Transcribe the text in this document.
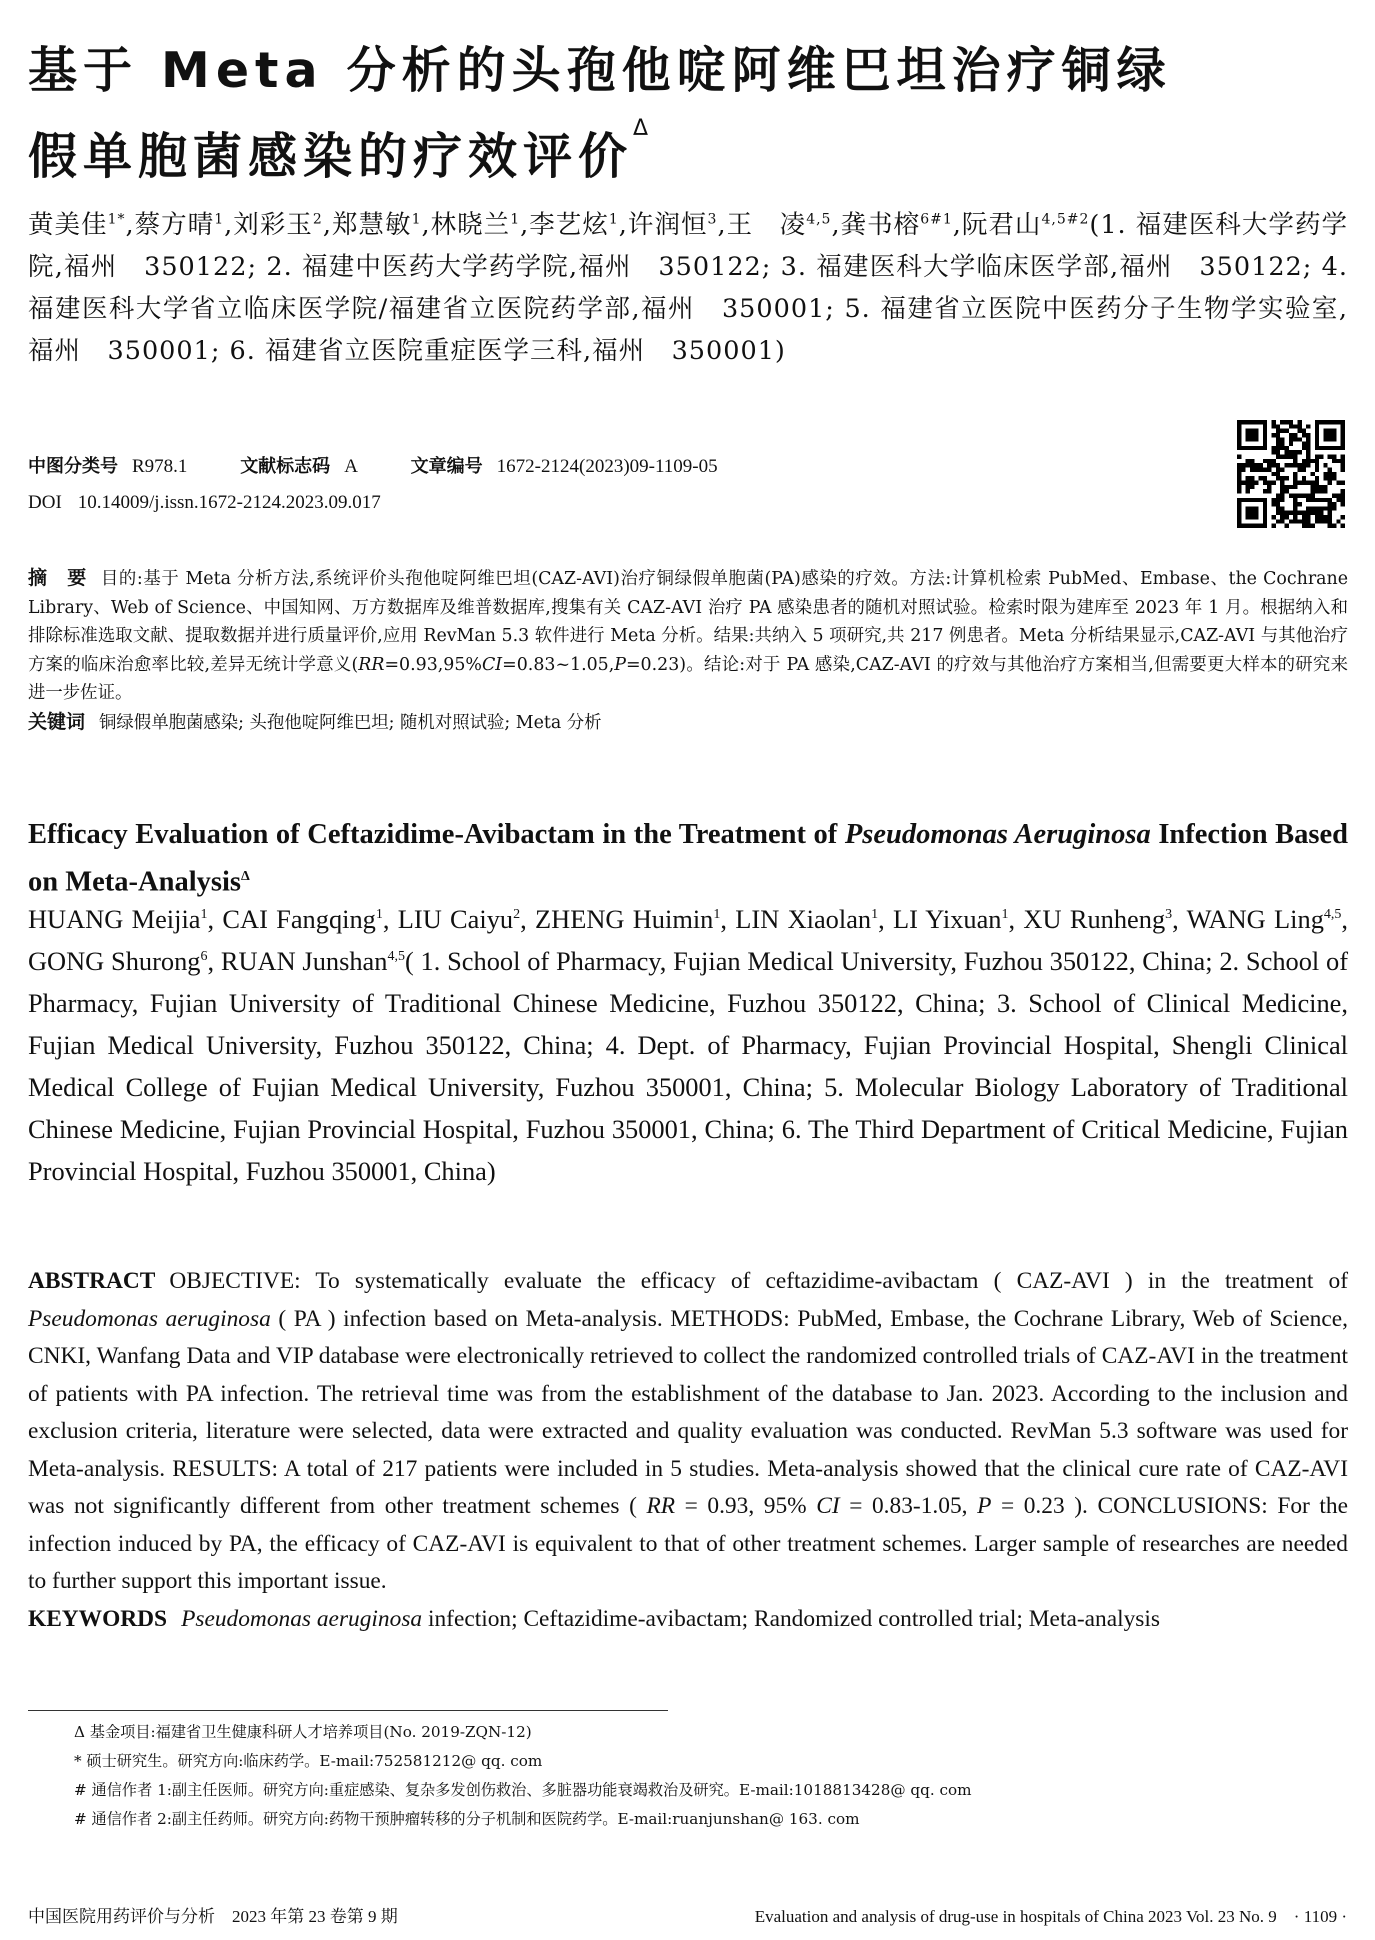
基于 Meta 分析的头孢他啶阿维巴坦治疗铜绿
假单胞菌感染的疗效评价$^\Delta$
黄美佳$^{1*}$,蔡方晴$^1$,刘彩玉$^2$,郑慧敏$^1$,林晓兰$^1$,李艺炫$^1$,许润恒$^3$,王　凌$^{4,5}$,龚书榕$^{6\#1}$,阮君山$^{4,5\#2}$(1. 福建医科大学药学院,福州　350122; 2. 福建中医药大学药学院,福州　350122; 3. 福建医科大学临床医学部,福州　350122; 4. 福建医科大学省立临床医学院/福建省立医院药学部,福州　350001; 5. 福建省立医院中医药分子生物学实验室,福州　350001; 6. 福建省立医院重症医学三科,福州　350001)
中图分类号 R978.1	文献标志码 A	文章编号 1672-2124(2023)09-1109-05
DOI 10.14009/j.issn.1672-2124.2023.09.017
摘　要 目的:基于 Meta 分析方法,系统评价头孢他啶阿维巴坦(CAZ-AVI)治疗铜绿假单胞菌(PA)感染的疗效。方法:计算机检索 PubMed、Embase、the Cochrane Library、Web of Science、中国知网、万方数据库及维普数据库,搜集有关 CAZ-AVI 治疗 PA 感染患者的随机对照试验。检索时限为建库至 2023 年 1 月。根据纳入和排除标准选取文献、提取数据并进行质量评价,应用 RevMan 5.3 软件进行 Meta 分析。结果:共纳入 5 项研究,共 217 例患者。Meta 分析结果显示,CAZ-AVI 与其他治疗方案的临床治愈率比较,差异无统计学意义(RR=0.93,95%CI=0.83~1.05,P=0.23)。结论:对于 PA 感染,CAZ-AVI 的疗效与其他治疗方案相当,但需要更大样本的研究来进一步佐证。
关键词 铜绿假单胞菌感染; 头孢他啶阿维巴坦; 随机对照试验; Meta 分析
Efficacy Evaluation of Ceftazidime-Avibactam in the Treatment of Pseudomonas Aeruginosa Infection Based on Meta-Analysis$^\Delta$
HUANG Meijia$^1$, CAI Fangqing$^1$, LIU Caiyu$^2$, ZHENG Huimin$^1$, LIN Xiaolan$^1$, LI Yixuan$^1$, XU Runheng$^3$, WANG Ling$^{4,5}$, GONG Shurong$^6$, RUAN Junshan$^{4,5}$( 1. School of Pharmacy, Fujian Medical University, Fuzhou 350122, China; 2. School of Pharmacy, Fujian University of Traditional Chinese Medicine, Fuzhou 350122, China; 3. School of Clinical Medicine, Fujian Medical University, Fuzhou 350122, China; 4. Dept. of Pharmacy, Fujian Provincial Hospital, Shengli Clinical Medical College of Fujian Medical University, Fuzhou 350001, China; 5. Molecular Biology Laboratory of Traditional Chinese Medicine, Fujian Provincial Hospital, Fuzhou 350001, China; 6. The Third Department of Critical Medicine, Fujian Provincial Hospital, Fuzhou 350001, China)
ABSTRACT OBJECTIVE: To systematically evaluate the efficacy of ceftazidime-avibactam ( CAZ-AVI ) in the treatment of Pseudomonas aeruginosa ( PA ) infection based on Meta-analysis. METHODS: PubMed, Embase, the Cochrane Library, Web of Science, CNKI, Wanfang Data and VIP database were electronically retrieved to collect the randomized controlled trials of CAZ-AVI in the treatment of patients with PA infection. The retrieval time was from the establishment of the database to Jan. 2023. According to the inclusion and exclusion criteria, literature were selected, data were extracted and quality evaluation was conducted. RevMan 5.3 software was used for Meta-analysis. RESULTS: A total of 217 patients were included in 5 studies. Meta-analysis showed that the clinical cure rate of CAZ-AVI was not significantly different from other treatment schemes ( RR = 0.93, 95% CI = 0.83-1.05, P = 0.23 ). CONCLUSIONS: For the infection induced by PA, the efficacy of CAZ-AVI is equivalent to that of other treatment schemes. Larger sample of researches are needed to further support this important issue.
KEYWORDS Pseudomonas aeruginosa infection; Ceftazidime-avibactam; Randomized controlled trial; Meta-analysis
Δ 基金项目:福建省卫生健康科研人才培养项目(No. 2019-ZQN-12)
* 硕士研究生。研究方向:临床药学。E-mail:752581212@ qq. com
# 通信作者 1:副主任医师。研究方向:重症感染、复杂多发创伤救治、多脏器功能衰竭救治及研究。E-mail:1018813428@ qq. com
# 通信作者 2:副主任药师。研究方向:药物干预肿瘤转移的分子机制和医院药学。E-mail:ruanjunshan@ 163. com
中国医院用药评价与分析　2023 年第 23 卷第 9 期	Evaluation and analysis of drug-use in hospitals of China 2023 Vol. 23 No. 9　· 1109 ·
